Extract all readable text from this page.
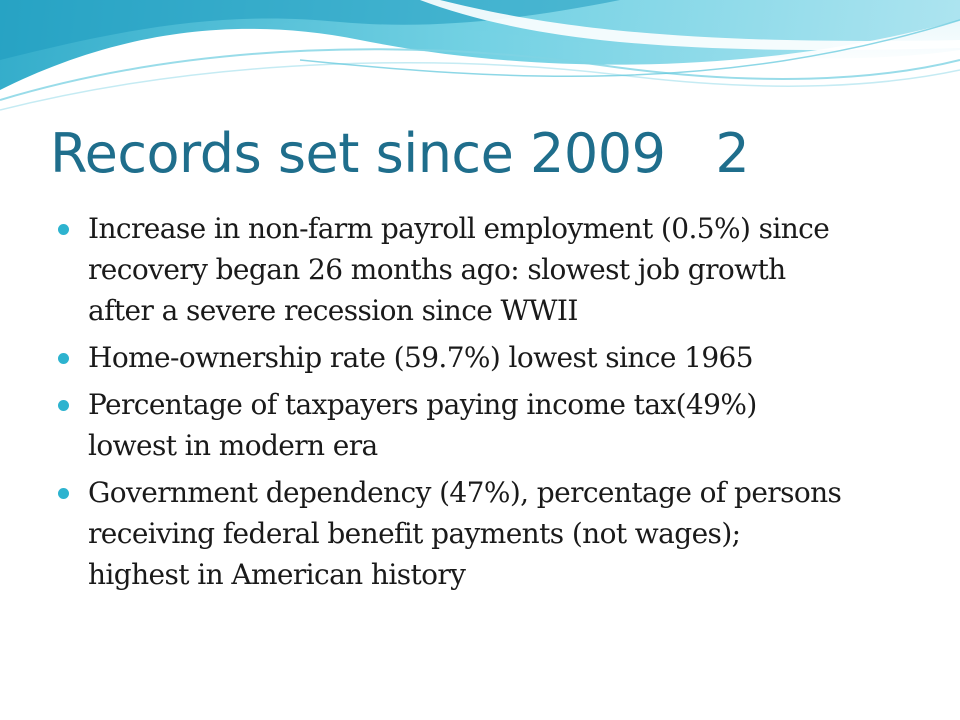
Records set since 2009   2
Increase in non-farm payroll employment (0.5%) since
recovery began 26 months ago: slowest job growth
after a severe recession since WWII
Home-ownership rate (59.7%) lowest since 1965
Percentage of taxpayers paying income tax(49%)
lowest in modern era
Government dependency (47%), percentage of persons
receiving federal benefit payments (not wages);
highest in American history
